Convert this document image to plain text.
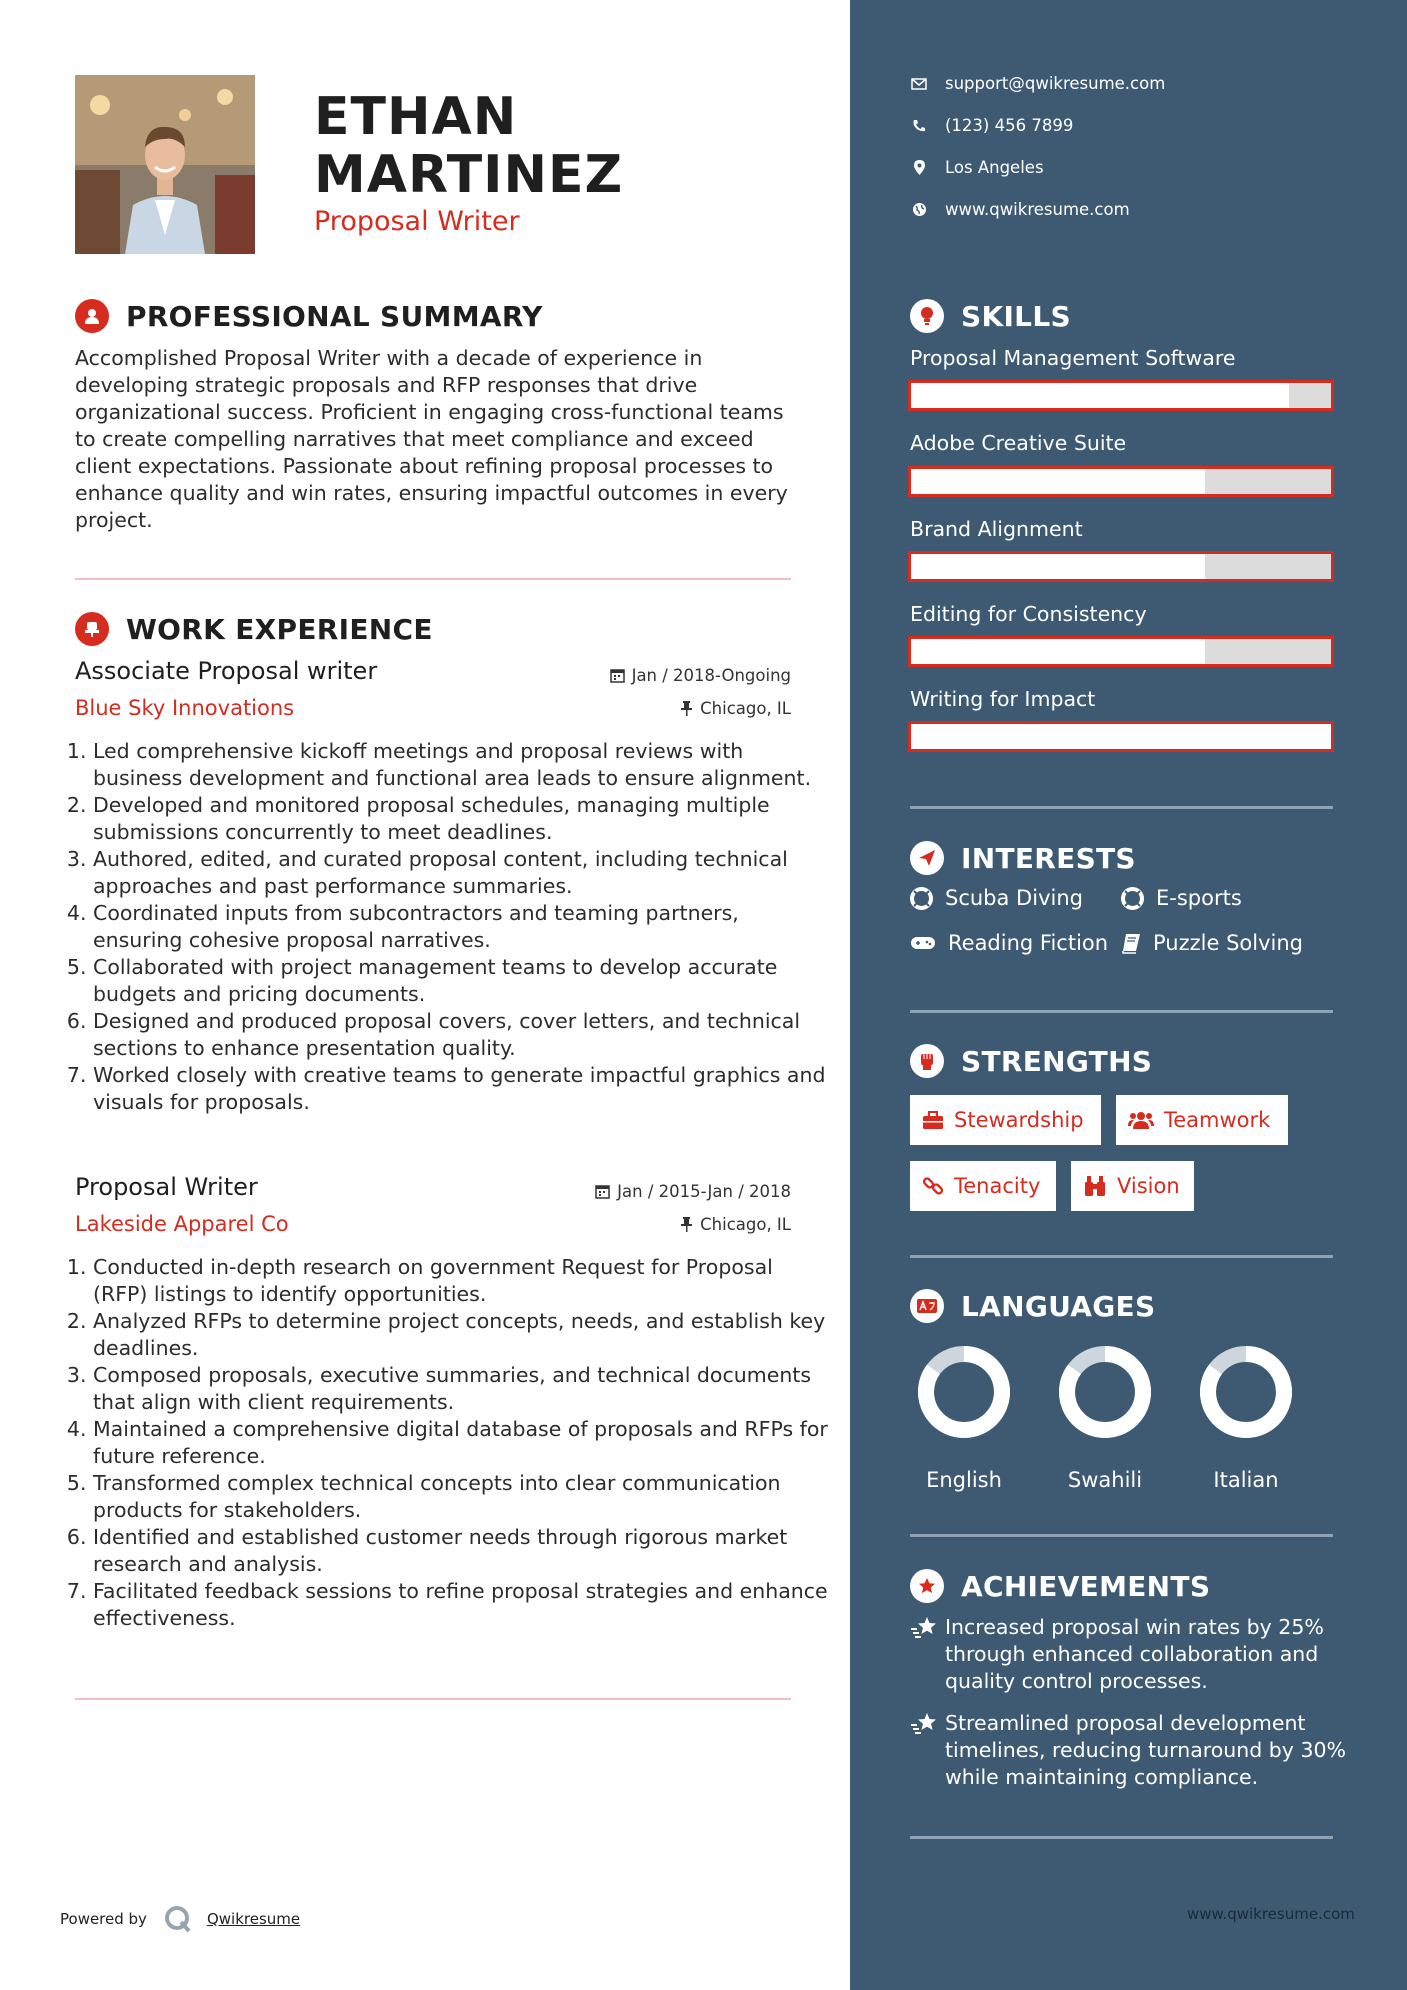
ETHAN
MARTINEZ
Proposal Writer
PROFESSIONAL SUMMARY
Accomplished Proposal Writer with a decade of experience in developing strategic proposals and RFP responses that drive organizational success. Proficient in engaging cross-functional teams to create compelling narratives that meet compliance and exceed client expectations. Passionate about refining proposal processes to enhance quality and win rates, ensuring impactful outcomes in every project.
WORK EXPERIENCE
Associate Proposal writer	Jan / 2018-Ongoing
Blue Sky Innovations	Chicago, IL
1. Led comprehensive kickoff meetings and proposal reviews with business development and functional area leads to ensure alignment.
2. Developed and monitored proposal schedules, managing multiple submissions concurrently to meet deadlines.
3. Authored, edited, and curated proposal content, including technical approaches and past performance summaries.
4. Coordinated inputs from subcontractors and teaming partners, ensuring cohesive proposal narratives.
5. Collaborated with project management teams to develop accurate budgets and pricing documents.
6. Designed and produced proposal covers, cover letters, and technical sections to enhance presentation quality.
7. Worked closely with creative teams to generate impactful graphics and visuals for proposals.
Proposal Writer	Jan / 2015-Jan / 2018
Lakeside Apparel Co	Chicago, IL
1. Conducted in-depth research on government Request for Proposal (RFP) listings to identify opportunities.
2. Analyzed RFPs to determine project concepts, needs, and establish key deadlines.
3. Composed proposals, executive summaries, and technical documents that align with client requirements.
4. Maintained a comprehensive digital database of proposals and RFPs for future reference.
5. Transformed complex technical concepts into clear communication products for stakeholders.
6. Identified and established customer needs through rigorous market research and analysis.
7. Facilitated feedback sessions to refine proposal strategies and enhance effectiveness.
Powered by	Qwikresume
support@qwikresume.com
(123) 456 7899
Los Angeles
www.qwikresume.com
SKILLS
Proposal Management Software
Adobe Creative Suite
Brand Alignment
Editing for Consistency
Writing for Impact
INTERESTS
Scuba Diving	E-sports
Reading Fiction Puzzle Solving
STRENGTHS
Stewardship	Teamwork
Tenacity	Vision
LANGUAGES
English	Swahili	Italian
ACHIEVEMENTS
Increased proposal win rates by 25% through enhanced collaboration and quality control processes.
Streamlined proposal development timelines, reducing turnaround by 30% while maintaining compliance.
www.qwikresume.com
